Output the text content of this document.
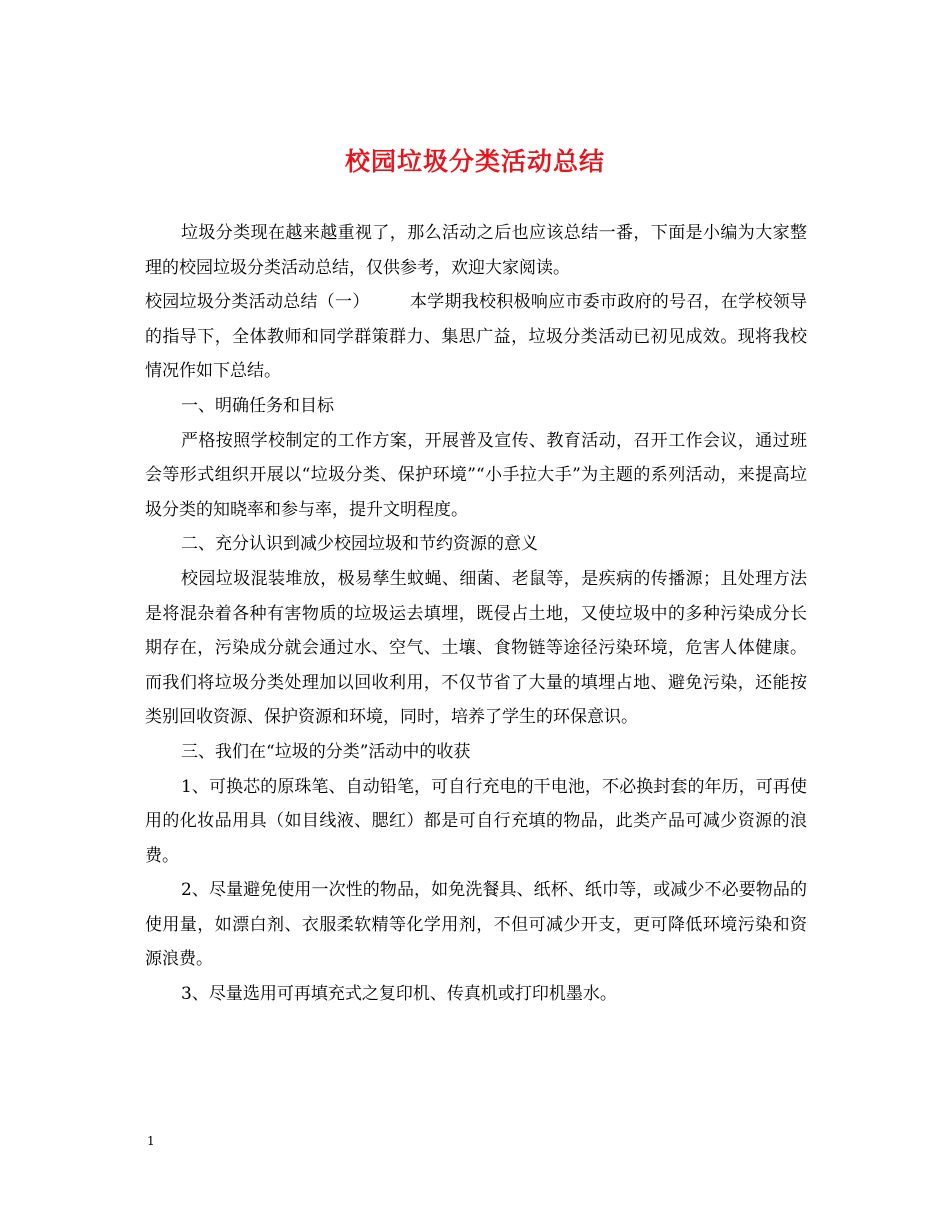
校园垃圾分类活动总结

垃圾分类现在越来越重视了，那么活动之后也应该总结一番，下面是小编为大家整理的校园垃圾分类活动总结，仅供参考，欢迎大家阅读。

校园垃圾分类活动总结（一） 本学期我校积极响应市委市政府的号召，在学校领导的指导下，全体教师和同学群策群力、集思广益，垃圾分类活动已初见成效。现将我校情况作如下总结。

一、明确任务和目标

严格按照学校制定的工作方案，开展普及宣传、教育活动，召开工作会议，通过班会等形式组织开展以“垃圾分类、保护环境”“小手拉大手”为主题的系列活动，来提高垃圾分类的知晓率和参与率，提升文明程度。

二、充分认识到减少校园垃圾和节约资源的意义

校园垃圾混装堆放，极易孳生蚊蝇、细菌、老鼠等，是疾病的传播源；且处理方法是将混杂着各种有害物质的垃圾运去填埋，既侵占土地，又使垃圾中的多种污染成分长期存在，污染成分就会通过水、空气、土壤、食物链等途径污染环境，危害人体健康。而我们将垃圾分类处理加以回收利用，不仅节省了大量的填埋占地、避免污染，还能按类别回收资源、保护资源和环境，同时，培养了学生的环保意识。

三、我们在“垃圾的分类”活动中的收获

1、可换芯的原珠笔、自动铅笔，可自行充电的干电池，不必换封套的年历，可再使用的化妆品用具（如目线液、腮红）都是可自行充填的物品，此类产品可减少资源的浪费。

2、尽量避免使用一次性的物品，如免洗餐具、纸杯、纸巾等，或减少不必要物品的使用量，如漂白剂、衣服柔软精等化学用剂，不但可减少开支，更可降低环境污染和资源浪费。

3、尽量选用可再填充式之复印机、传真机或打印机墨水。

1
